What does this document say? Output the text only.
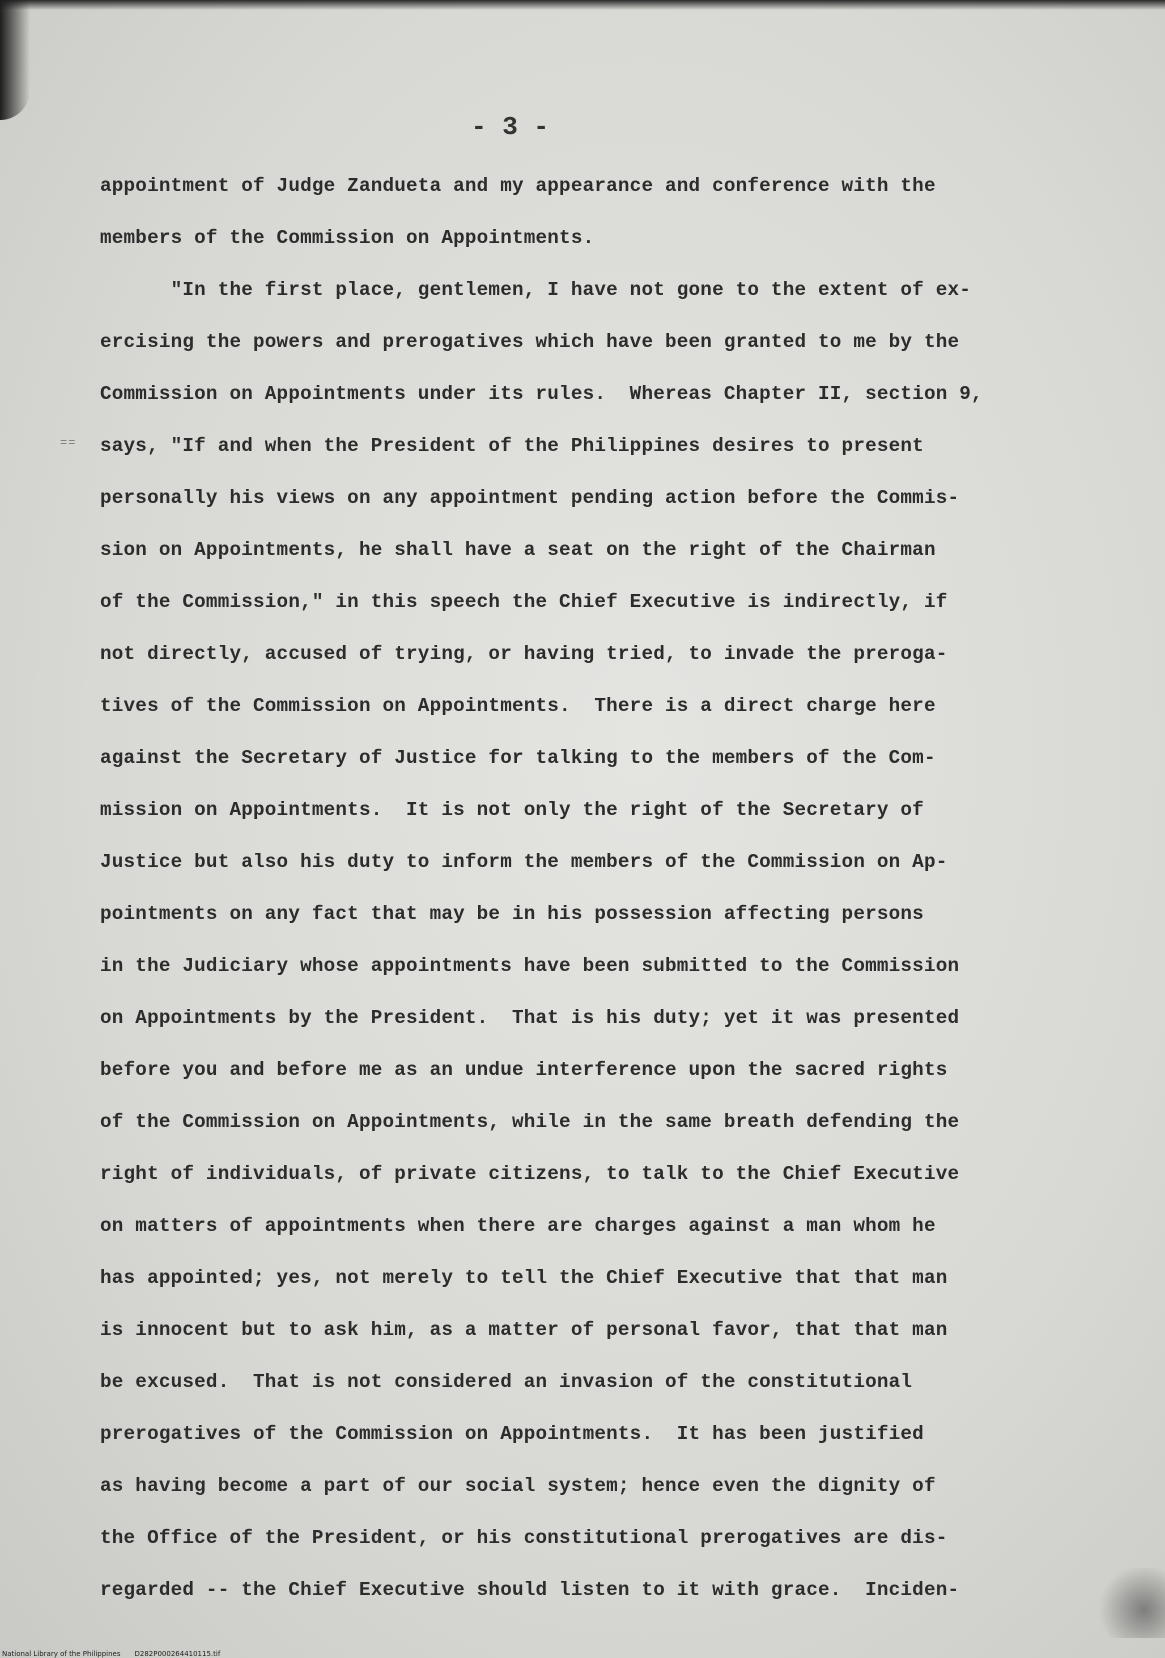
- 3 -
==
appointment of Judge Zandueta and my appearance and conference with the
members of the Commission on Appointments.
"In the first place, gentlemen, I have not gone to the extent of ex-
ercising the powers and prerogatives which have been granted to me by the
Commission on Appointments under its rules.  Whereas Chapter II, section 9,
says, "If and when the President of the Philippines desires to present
personally his views on any appointment pending action before the Commis-
sion on Appointments, he shall have a seat on the right of the Chairman
of the Commission," in this speech the Chief Executive is indirectly, if
not directly, accused of trying, or having tried, to invade the preroga-
tives of the Commission on Appointments.  There is a direct charge here
against the Secretary of Justice for talking to the members of the Com-
mission on Appointments.  It is not only the right of the Secretary of
Justice but also his duty to inform the members of the Commission on Ap-
pointments on any fact that may be in his possession affecting persons
in the Judiciary whose appointments have been submitted to the Commission
on Appointments by the President.  That is his duty; yet it was presented
before you and before me as an undue interference upon the sacred rights
of the Commission on Appointments, while in the same breath defending the
right of individuals, of private citizens, to talk to the Chief Executive
on matters of appointments when there are charges against a man whom he
has appointed; yes, not merely to tell the Chief Executive that that man
is innocent but to ask him, as a matter of personal favor, that that man
be excused.  That is not considered an invasion of the constitutional
prerogatives of the Commission on Appointments.  It has been justified
as having become a part of our social system; hence even the dignity of
the Office of the President, or his constitutional prerogatives are dis-
regarded -- the Chief Executive should listen to it with grace.  Inciden-
National Library of the Philippines D282P000264410115.tif
